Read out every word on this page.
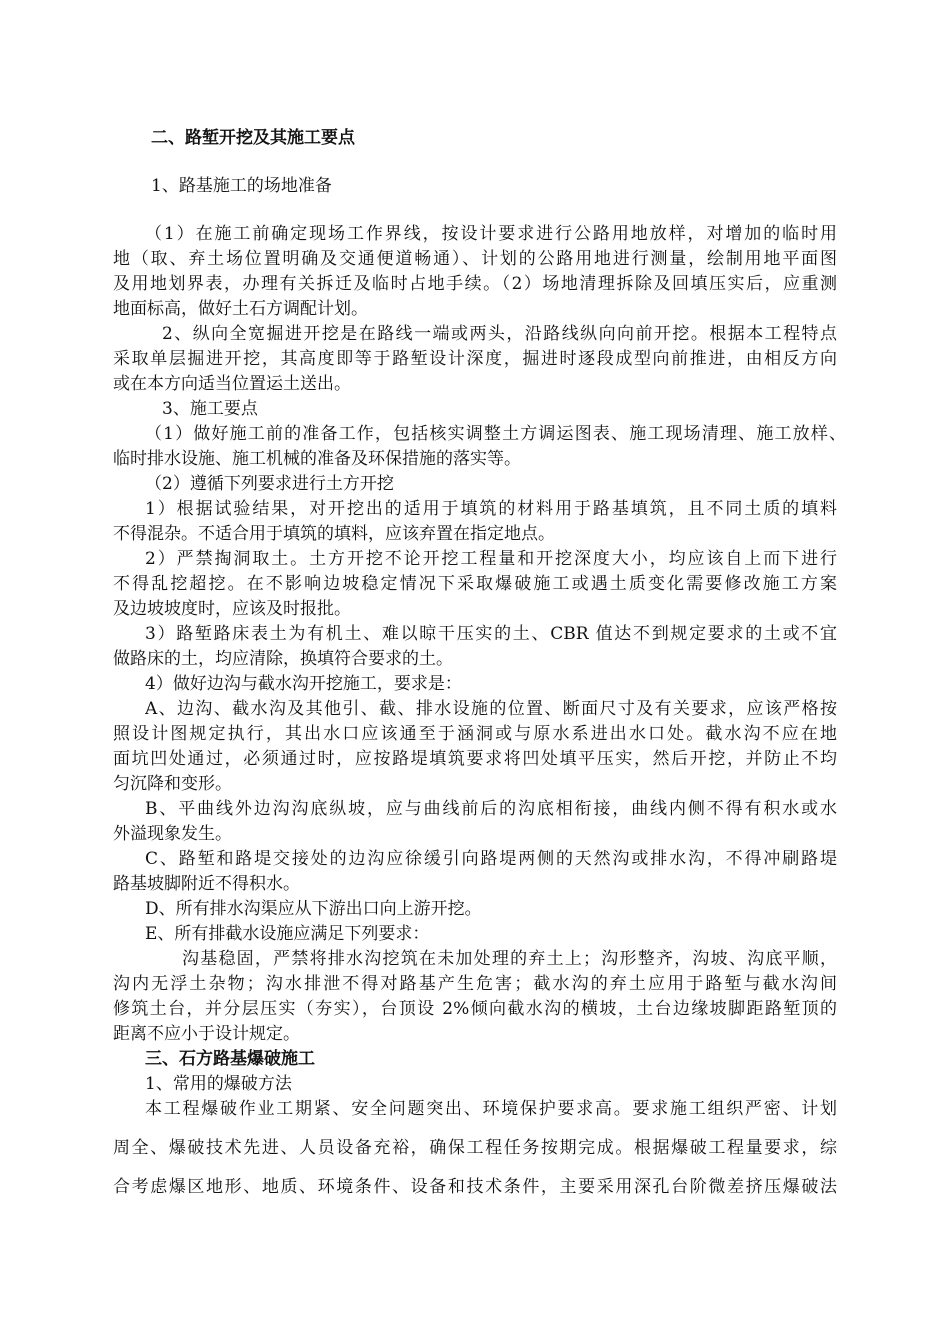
二、路堑开挖及其施工要点
1、路基施工的场地准备
（1）在施工前确定现场工作界线，按设计要求进行公路用地放样，对增加的临时用
地（取、弃土场位置明确及交通便道畅通）、计划的公路用地进行测量，绘制用地平面图
及用地划界表，办理有关拆迁及临时占地手续。（2）场地清理拆除及回填压实后，应重测
地面标高，做好土石方调配计划。
2、纵向全宽掘进开挖是在路线一端或两头，沿路线纵向向前开挖。根据本工程特点
采取单层掘进开挖，其高度即等于路堑设计深度，掘进时逐段成型向前推进，由相反方向
或在本方向适当位置运土送出。
3、施工要点
（1）做好施工前的准备工作，包括核实调整土方调运图表、施工现场清理、施工放样、
临时排水设施、施工机械的准备及环保措施的落实等。
（2）遵循下列要求进行土方开挖
1）根据试验结果，对开挖出的适用于填筑的材料用于路基填筑，且不同土质的填料
不得混杂。不适合用于填筑的填料，应该弃置在指定地点。
2）严禁掏洞取土。土方开挖不论开挖工程量和开挖深度大小，均应该自上而下进行
不得乱挖超挖。在不影响边坡稳定情况下采取爆破施工或遇土质变化需要修改施工方案
及边坡坡度时，应该及时报批。
3）路堑路床表土为有机土、难以晾干压实的土、CBR 值达不到规定要求的土或不宜
做路床的土，均应清除，换填符合要求的土。
4）做好边沟与截水沟开挖施工，要求是：
A、边沟、截水沟及其他引、截、排水设施的位置、断面尺寸及有关要求，应该严格按
照设计图规定执行，其出水口应该通至于涵洞或与原水系进出水口处。截水沟不应在地
面坑凹处通过，必须通过时，应按路堤填筑要求将凹处填平压实，然后开挖，并防止不均
匀沉降和变形。
B、平曲线外边沟沟底纵坡，应与曲线前后的沟底相衔接，曲线内侧不得有积水或水
外溢现象发生。
C、路堑和路堤交接处的边沟应徐缓引向路堤两侧的天然沟或排水沟，不得冲刷路堤
路基坡脚附近不得积水。
D、所有排水沟渠应从下游出口向上游开挖。
E、所有排截水设施应满足下列要求：
沟基稳固，严禁将排水沟挖筑在未加处理的弃土上；沟形整齐，沟坡、沟底平顺，
沟内无浮土杂物；沟水排泄不得对路基产生危害；截水沟的弃土应用于路堑与截水沟间
修筑土台，并分层压实（夯实），台顶设 2%倾向截水沟的横坡，土台边缘坡脚距路堑顶的
距离不应小于设计规定。
三、石方路基爆破施工
1、常用的爆破方法
本工程爆破作业工期紧、安全问题突出、环境保护要求高。要求施工组织严密、计划
周全、爆破技术先进、人员设备充裕，确保工程任务按期完成。根据爆破工程量要求，综
合考虑爆区地形、地质、环境条件、设备和技术条件，主要采用深孔台阶微差挤压爆破法
